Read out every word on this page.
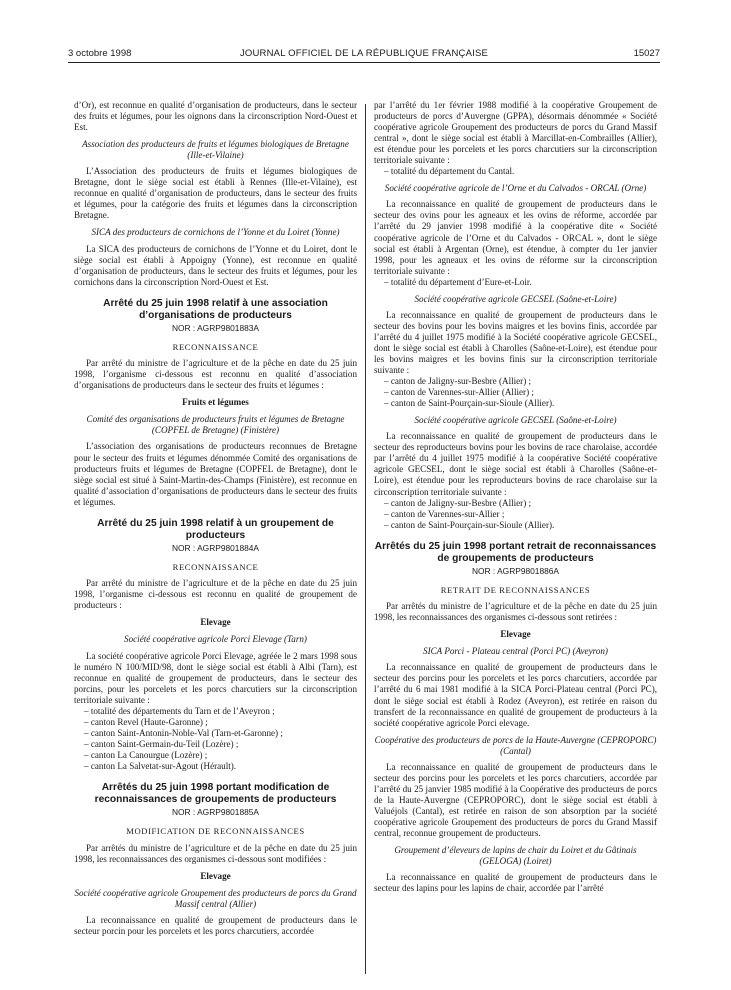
3 octobre 1998	JOURNAL OFFICIEL DE LA RÉPUBLIQUE FRANÇAISE	15027

d’Or), est reconnue en qualité d’organisation de producteurs, dans le secteur des fruits et légumes, pour les oignons dans la circonscription Nord-Ouest et Est.

Association des producteurs de fruits et légumes biologiques de Bretagne (Ille-et-Vilaine)

L’Association des producteurs de fruits et légumes biologiques de Bretagne, dont le siège social est établi à Rennes (Ille-et-Vilaine), est reconnue en qualité d’organisation de producteurs, dans le secteur des fruits et légumes, pour la catégorie des fruits et légumes dans la circonscription Bretagne.

SICA des producteurs de cornichons de l’Yonne et du Loiret (Yonne)

La SICA des producteurs de cornichons de l’Yonne et du Loiret, dont le siège social est établi à Appoigny (Yonne), est reconnue en qualité d’organisation de producteurs, dans le secteur des fruits et légumes, pour les cornichons dans la circonscription Nord-Ouest et Est.

Arrêté du 25 juin 1998 relatif à une association d’organisations de producteurs
NOR : AGRP9801883A
RECONNAISSANCE

Par arrêté du ministre de l’agriculture et de la pêche en date du 25 juin 1998, l’organisme ci-dessous est reconnu en qualité d’association d’organisations de producteurs dans le secteur des fruits et légumes :

Fruits et légumes
Comité des organisations de producteurs fruits et légumes de Bretagne (COPFEL de Bretagne) (Finistère)

L’association des organisations de producteurs reconnues de Bretagne pour le secteur des fruits et légumes dénommée Comité des organisations de producteurs fruits et légumes de Bretagne (COPFEL de Bretagne), dont le siège social est situé à Saint-Martin-des-Champs (Finistère), est reconnue en qualité d’association d’organisations de producteurs dans le secteur des fruits et légumes.

Arrêté du 25 juin 1998 relatif à un groupement de producteurs
NOR : AGRP9801884A
RECONNAISSANCE

Par arrêté du ministre de l’agriculture et de la pêche en date du 25 juin 1998, l’organisme ci-dessous est reconnu en qualité de groupement de producteurs :

Elevage
Société coopérative agricole Porci Elevage (Tarn)

La société coopérative agricole Porci Elevage, agréée le 2 mars 1998 sous le numéro N 100/MID/98, dont le siège social est établi à Albi (Tarn), est reconnue en qualité de groupement de producteurs, dans le secteur des porcins, pour les porcelets et les porcs charcutiers sur la circonscription territoriale suivante :

– totalité des départements du Tarn et de l’Aveyron ;
– canton Revel (Haute-Garonne) ;
– canton Saint-Antonin-Noble-Val (Tarn-et-Garonne) ;
– canton Saint-Germain-du-Teil (Lozère) ;
– canton La Canourgue (Lozère) ;
– canton La Salvetat-sur-Agout (Hérault).
Arrêtés du 25 juin 1998 portant modification de reconnaissances de groupements de producteurs
NOR : AGRP9801885A
MODIFICATION DE RECONNAISSANCES

Par arrêtés du ministre de l’agriculture et de la pêche en date du 25 juin 1998, les reconnaissances des organismes ci-dessous sont modifiées :

Elevage
Société coopérative agricole Groupement des producteurs de porcs du Grand Massif central (Allier)

La reconnaissance en qualité de groupement de producteurs dans le secteur porcin pour les porcelets et les porcs charcutiers, accordée

par l’arrêté du 1er février 1988 modifié à la coopérative Groupement de producteurs de porcs d’Auvergne (GPPA), désormais dénommée « Société coopérative agricole Groupement des producteurs de porcs du Grand Massif central », dont le siège social est établi à Marcillat-en-Combrailles (Allier), est étendue pour les porcelets et les porcs charcutiers sur la circonscription territoriale suivante :

– totalité du département du Cantal.
Société coopérative agricole de l’Orne et du Calvados - ORCAL (Orne)

La reconnaissance en qualité de groupement de producteurs dans le secteur des ovins pour les agneaux et les ovins de réforme, accordée par l’arrêté du 29 janvier 1998 modifié à la coopérative dite « Société coopérative agricole de l’Orne et du Calvados - ORCAL », dont le siège social est établi à Argentan (Orne), est étendue, à compter du 1er janvier 1998, pour les agneaux et les ovins de réforme sur la circonscription territoriale suivante :

– totalité du département d’Eure-et-Loir.
Société coopérative agricole GECSEL (Saône-et-Loire)

La reconnaissance en qualité de groupement de producteurs dans le secteur des bovins pour les bovins maigres et les bovins finis, accordée par l’arrêté du 4 juillet 1975 modifié à la Société coopérative agricole GECSEL, dont le siège social est établi à Charolles (Saône-et-Loire), est étendue pour les bovins maigres et les bovins finis sur la circonscription territoriale suivante :

– canton de Jaligny-sur-Besbre (Allier) ;
– canton de Varennes-sur-Allier (Allier) ;
– canton de Saint-Pourçain-sur-Sioule (Allier).
Société coopérative agricole GECSEL (Saône-et-Loire)

La reconnaissance en qualité de groupement de producteurs dans le secteur des reproducteurs bovins pour les bovins de race charolaise, accordée par l’arrêté du 4 juillet 1975 modifié à la coopérative Société coopérative agricole GECSEL, dont le siège social est établi à Charolles (Saône-et-Loire), est étendue pour les reproducteurs bovins de race charolaise sur la circonscription territoriale suivante :

– canton de Jaligny-sur-Besbre (Allier) ;
– canton de Varennes-sur-Allier ;
– canton de Saint-Pourçain-sur-Sioule (Allier).
Arrêtés du 25 juin 1998 portant retrait de reconnaissances de groupements de producteurs
NOR : AGRP9801886A
RETRAIT DE RECONNAISSANCES

Par arrêtés du ministre de l’agriculture et de la pêche en date du 25 juin 1998, les reconnaissances des organismes ci-dessous sont retirées :

Elevage
SICA Porci - Plateau central (Porci PC) (Aveyron)

La reconnaissance en qualité de groupement de producteurs dans le secteur des porcins pour les porcelets et les porcs charcutiers, accordée par l’arrêté du 6 mai 1981 modifié à la SICA Porci-Plateau central (Porci PC), dont le siège social est établi à Rodez (Aveyron), est retirée en raison du transfert de la reconnaissance en qualité de groupement de producteurs à la société coopérative agricole Porci elevage.

Coopérative des producteurs de porcs de la Haute-Auvergne (CEPROPORC) (Cantal)

La reconnaissance en qualité de groupement de producteurs dans le secteur des porcins pour les porcelets et les porcs charcutiers, accordée par l’arrêté du 25 janvier 1985 modifié à la Coopérative des producteurs de porcs de la Haute-Auvergne (CEPROPORC), dont le siège social est établi à Valuéjols (Cantal), est retirée en raison de son absorption par la société coopérative agricole Groupement des producteurs de porcs du Grand Massif central, reconnue groupement de producteurs.

Groupement d’éleveurs de lapins de chair du Loiret et du Gâtinais (GELOGA) (Loiret)

La reconnaissance en qualité de groupement de producteurs dans le secteur des lapins pour les lapins de chair, accordée par l’arrêté
